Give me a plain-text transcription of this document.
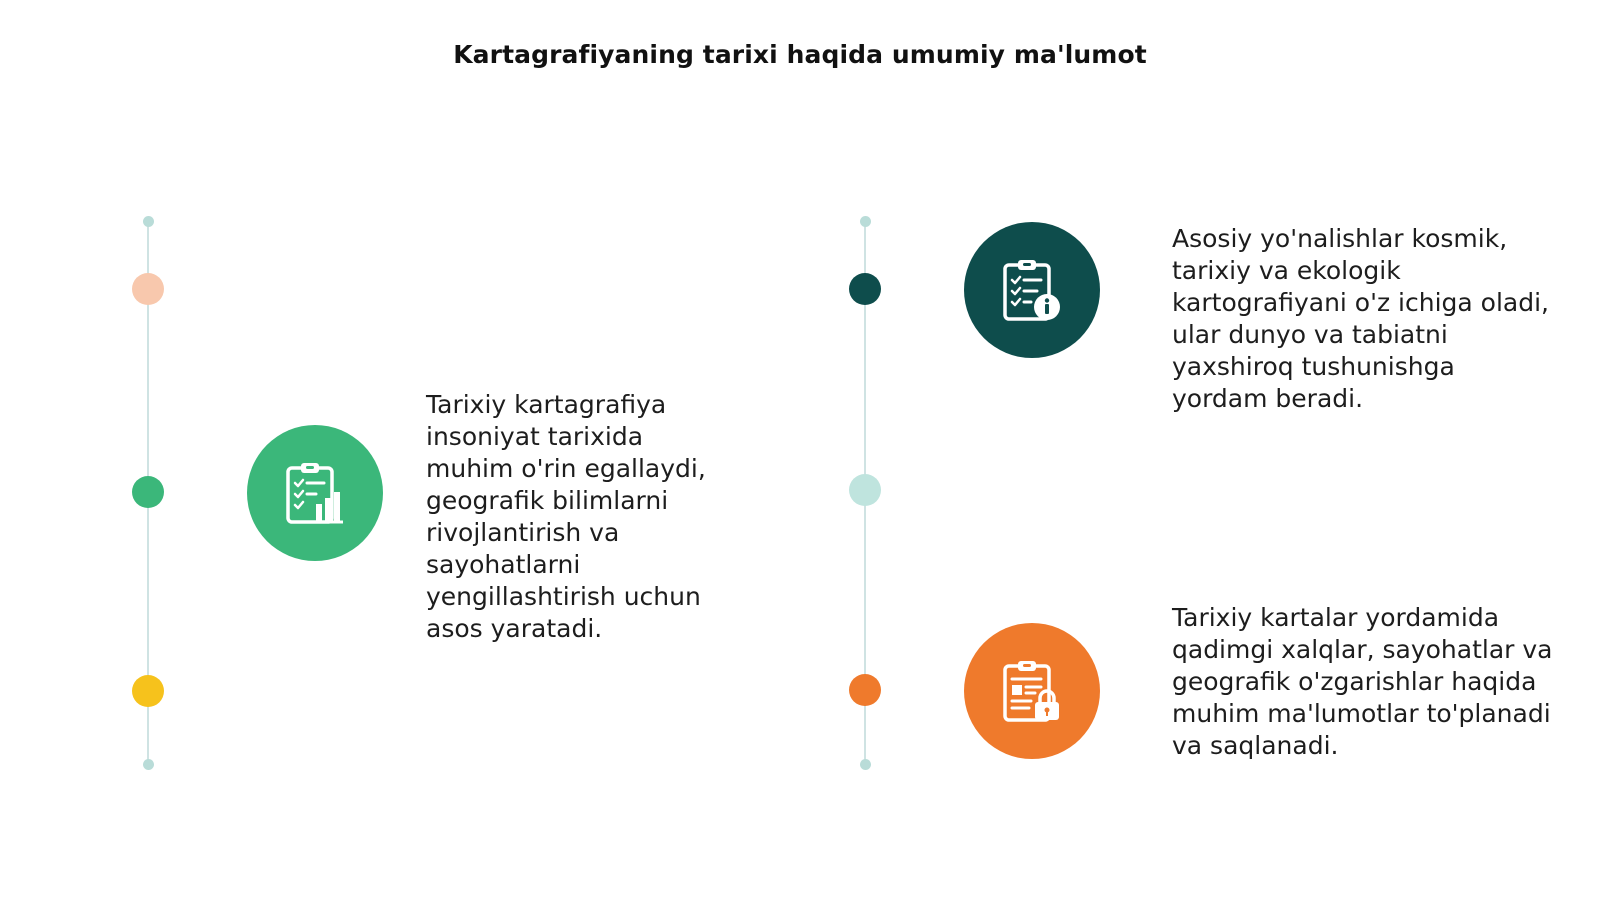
Kartagrafiyaning tarixi haqida umumiy ma'lumot
Tarixiy kartagrafiya insoniyat tarixida muhim o'rin egallaydi, geografik bilimlarni rivojlantirish va sayohatlarni yengillashtirish uchun asos yaratadi.
Asosiy yo'nalishlar kosmik, tarixiy va ekologik kartografiyani o'z ichiga oladi, ular dunyo va tabiatni yaxshiroq tushunishga yordam beradi.
Tarixiy kartalar yordamida qadimgi xalqlar, sayohatlar va geografik o'zgarishlar haqida muhim ma'lumotlar to'planadi va saqlanadi.
